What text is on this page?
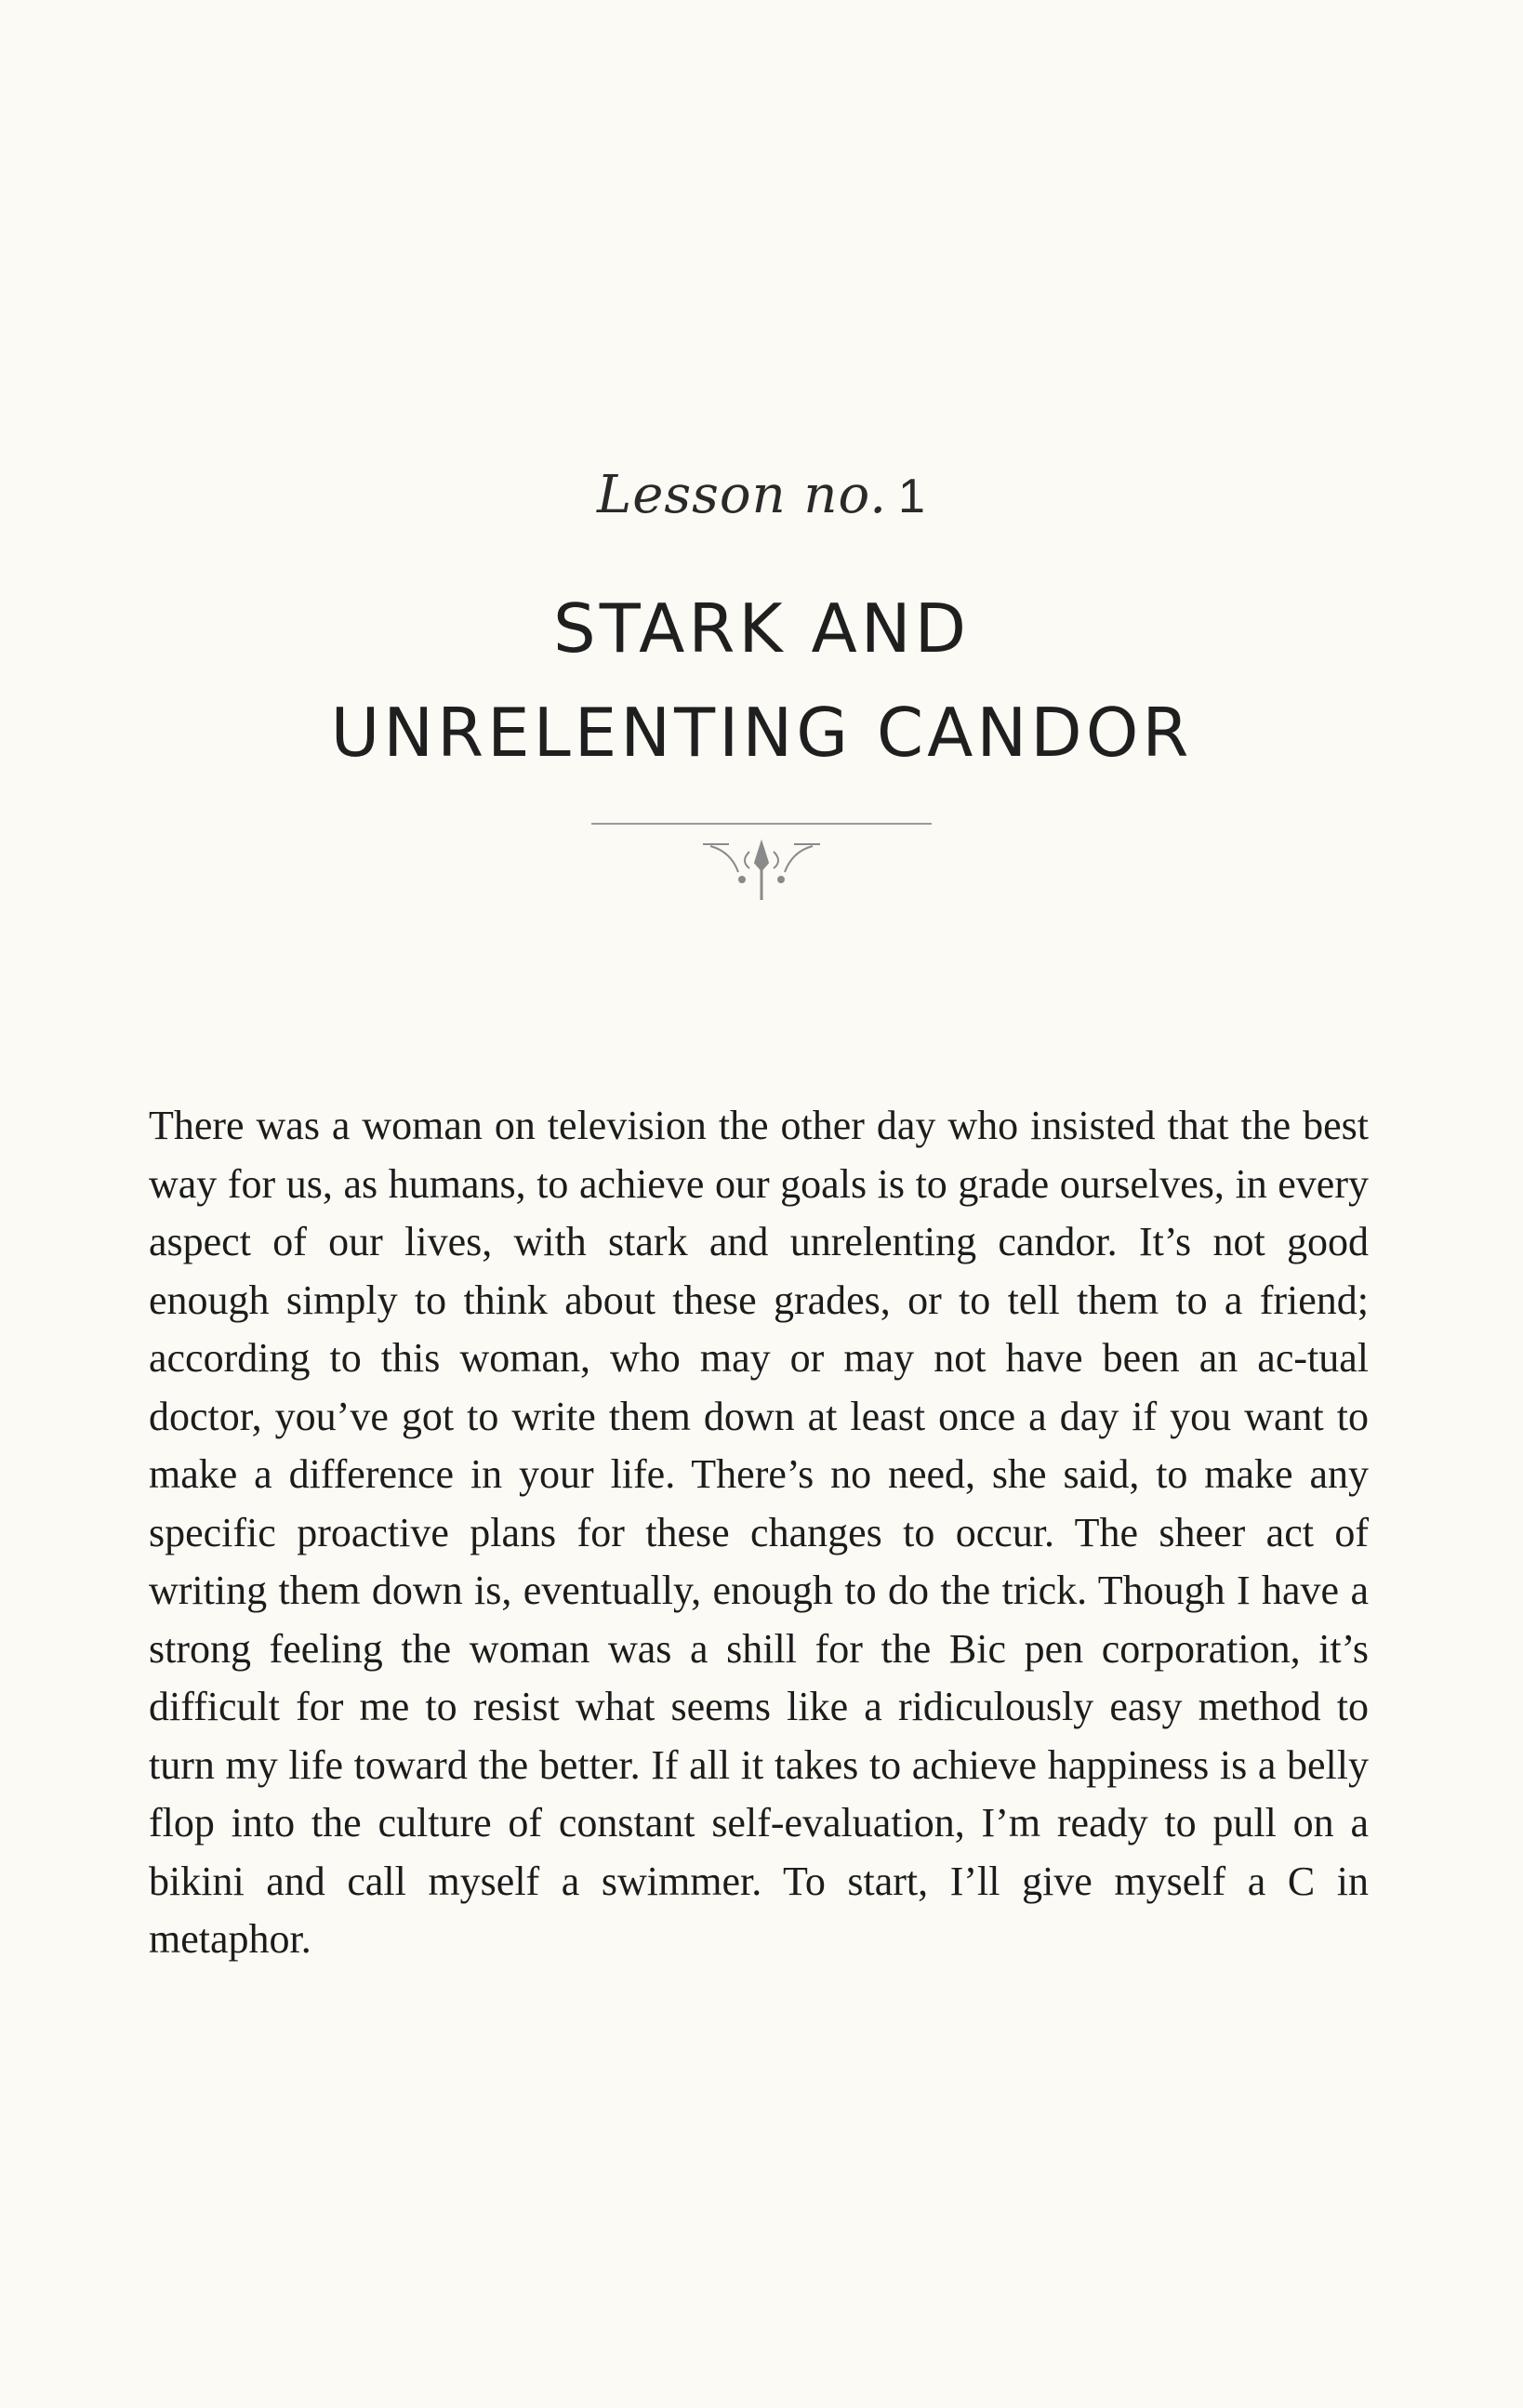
Lesson no. 1
STARK AND
UNRELENTING CANDOR
There was a woman on television the other day who insisted that the best way for us, as humans, to achieve our goals is to grade ourselves, in every aspect of our lives, with stark and unrelenting candor. It’s not good enough simply to think about these grades, or to tell them to a friend; according to this woman, who may or may not have been an ac-tual doctor, you’ve got to write them down at least once a day if you want to make a difference in your life. There’s no need, she said, to make any specific proactive plans for these changes to occur. The sheer act of writing them down is, eventually, enough to do the trick. Though I have a strong feeling the woman was a shill for the Bic pen corporation, it’s difficult for me to resist what seems like a ridiculously easy method to turn my life toward the better. If all it takes to achieve happiness is a belly flop into the culture of constant self-evaluation, I’m ready to pull on a bikini and call myself a swimmer. To start, I’ll give myself a C in metaphor.
